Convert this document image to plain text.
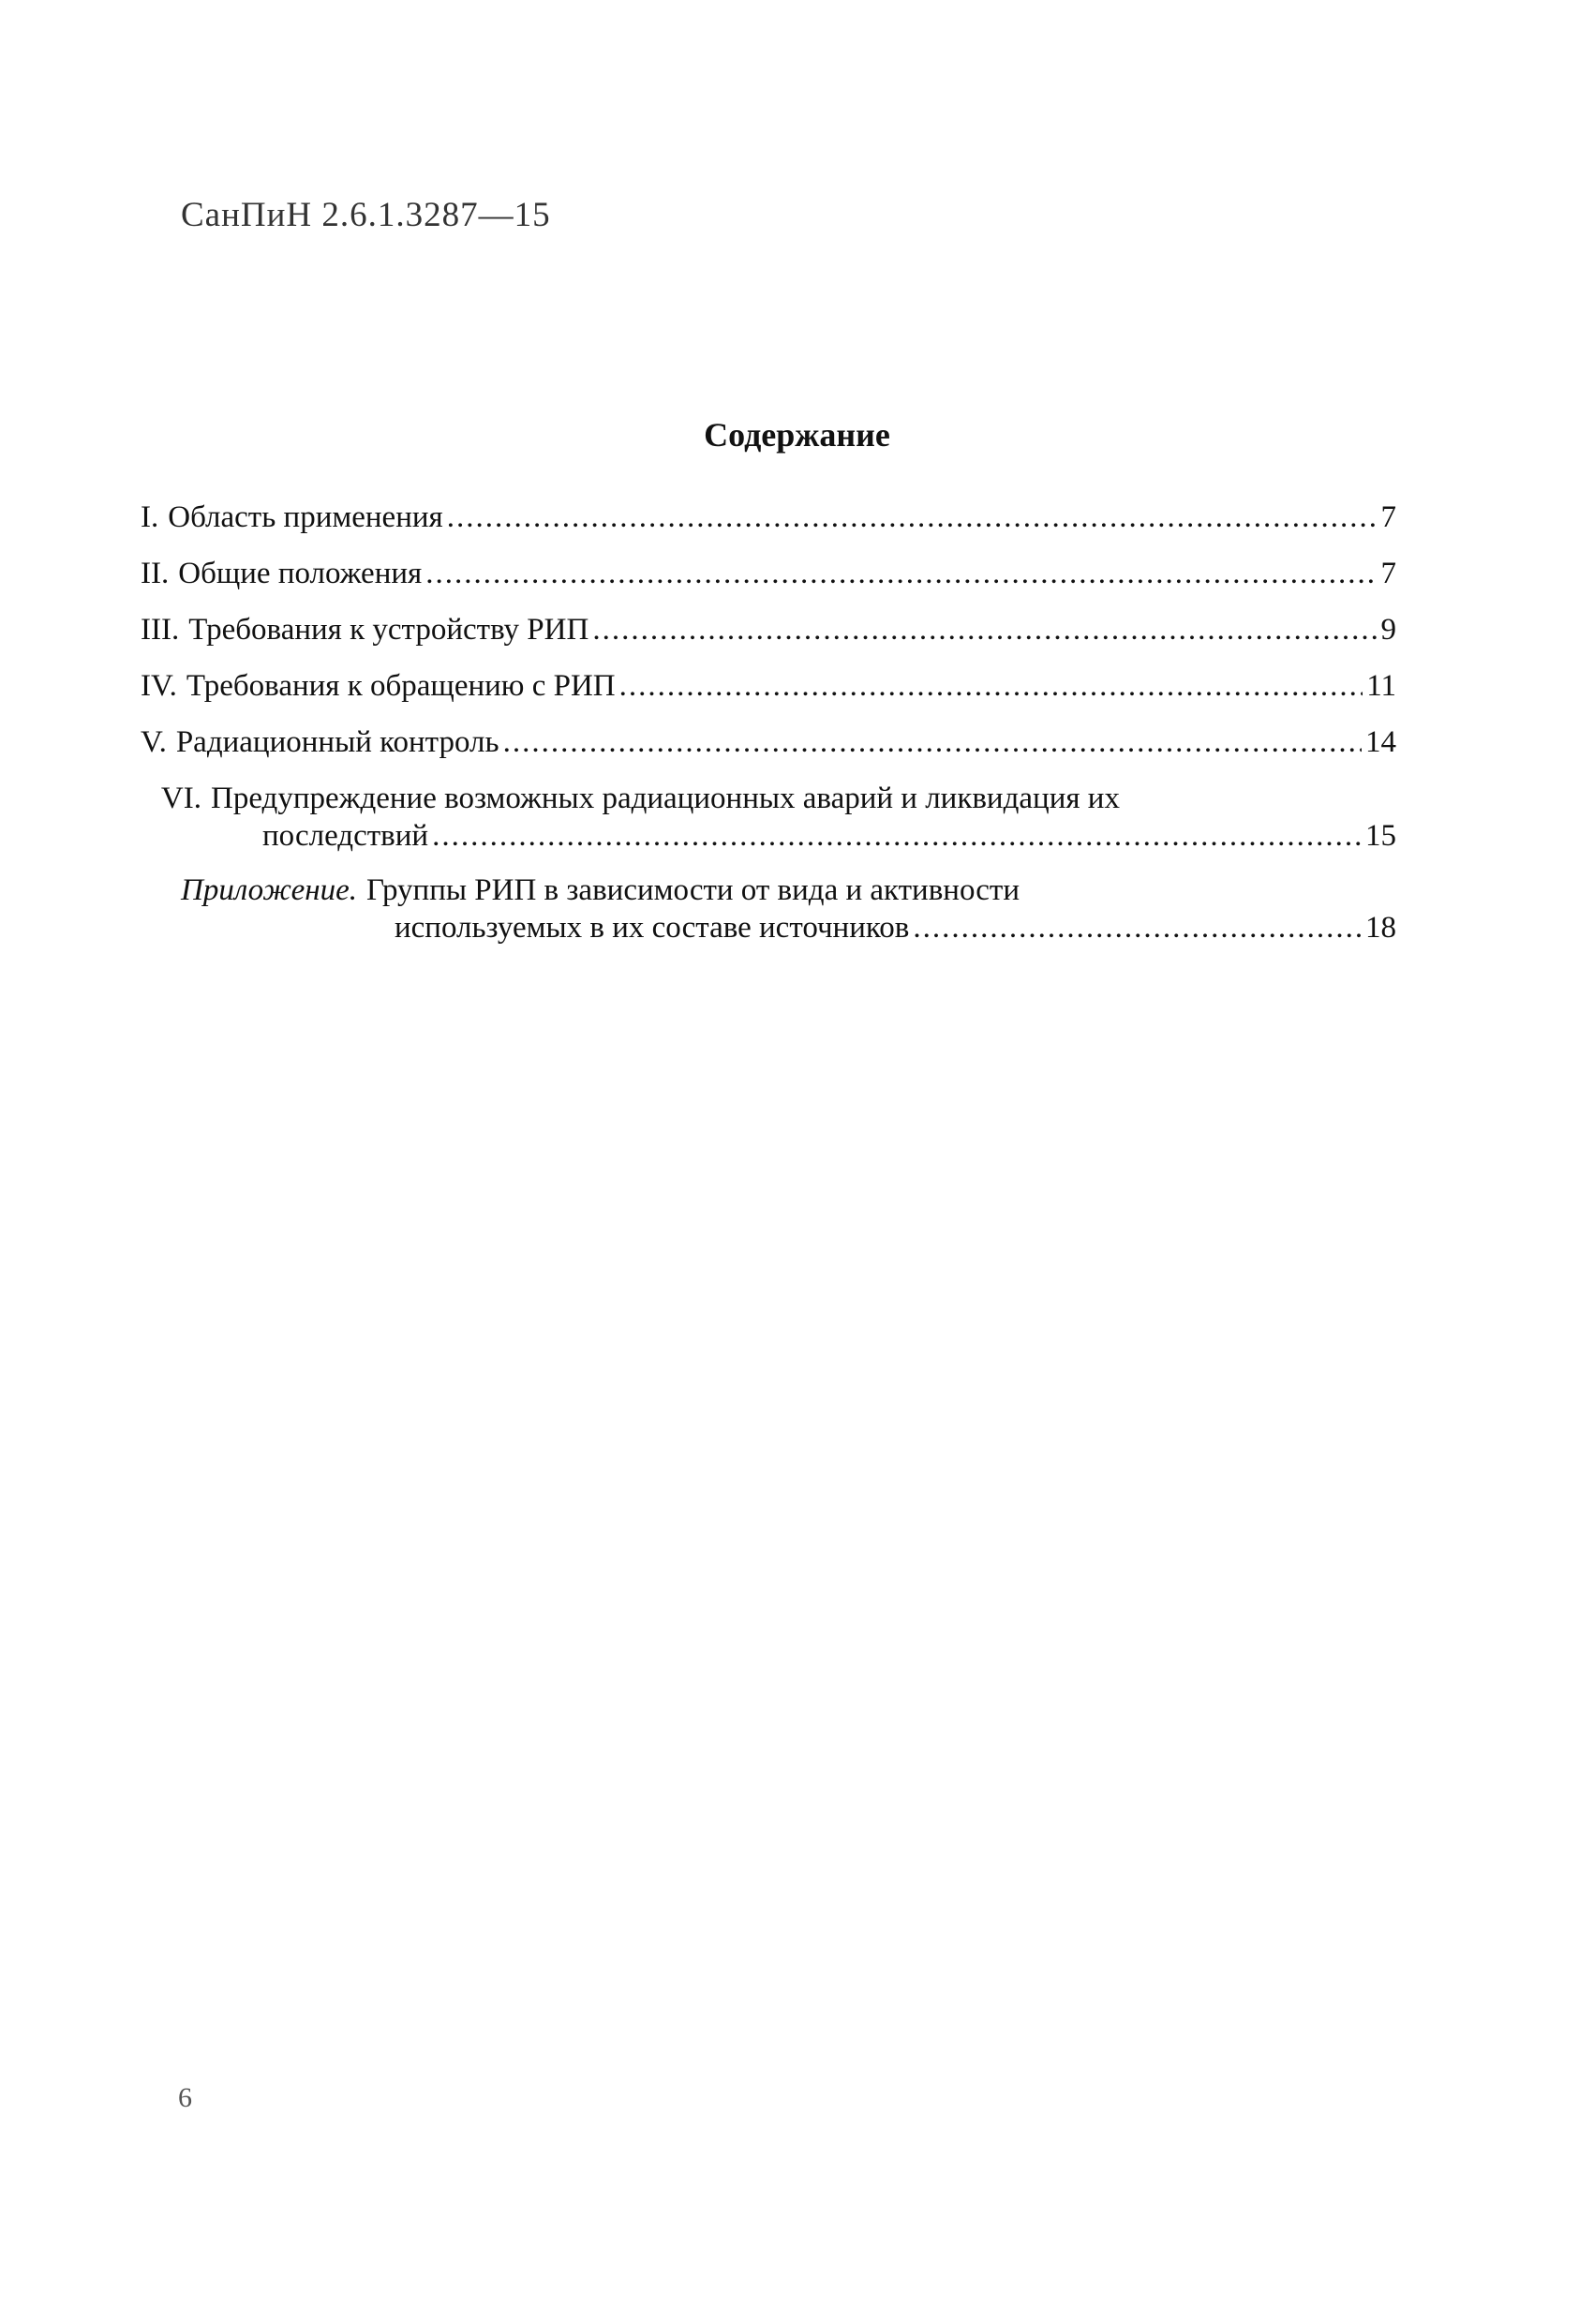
СанПиН 2.6.1.3287—15
Содержание
I. Область применения .....	7
II. Общие положения .....	7
III. Требования к устройству РИП .....	9
IV. Требования к обращению с РИП .....	11
V. Радиационный контроль .....	14
VI. Предупреждение возможных радиационных аварий и ликвидация их
последствий .....	15
Приложение. Группы РИП в зависимости от вида и активности
используемых в их составе источников .....	18
6
